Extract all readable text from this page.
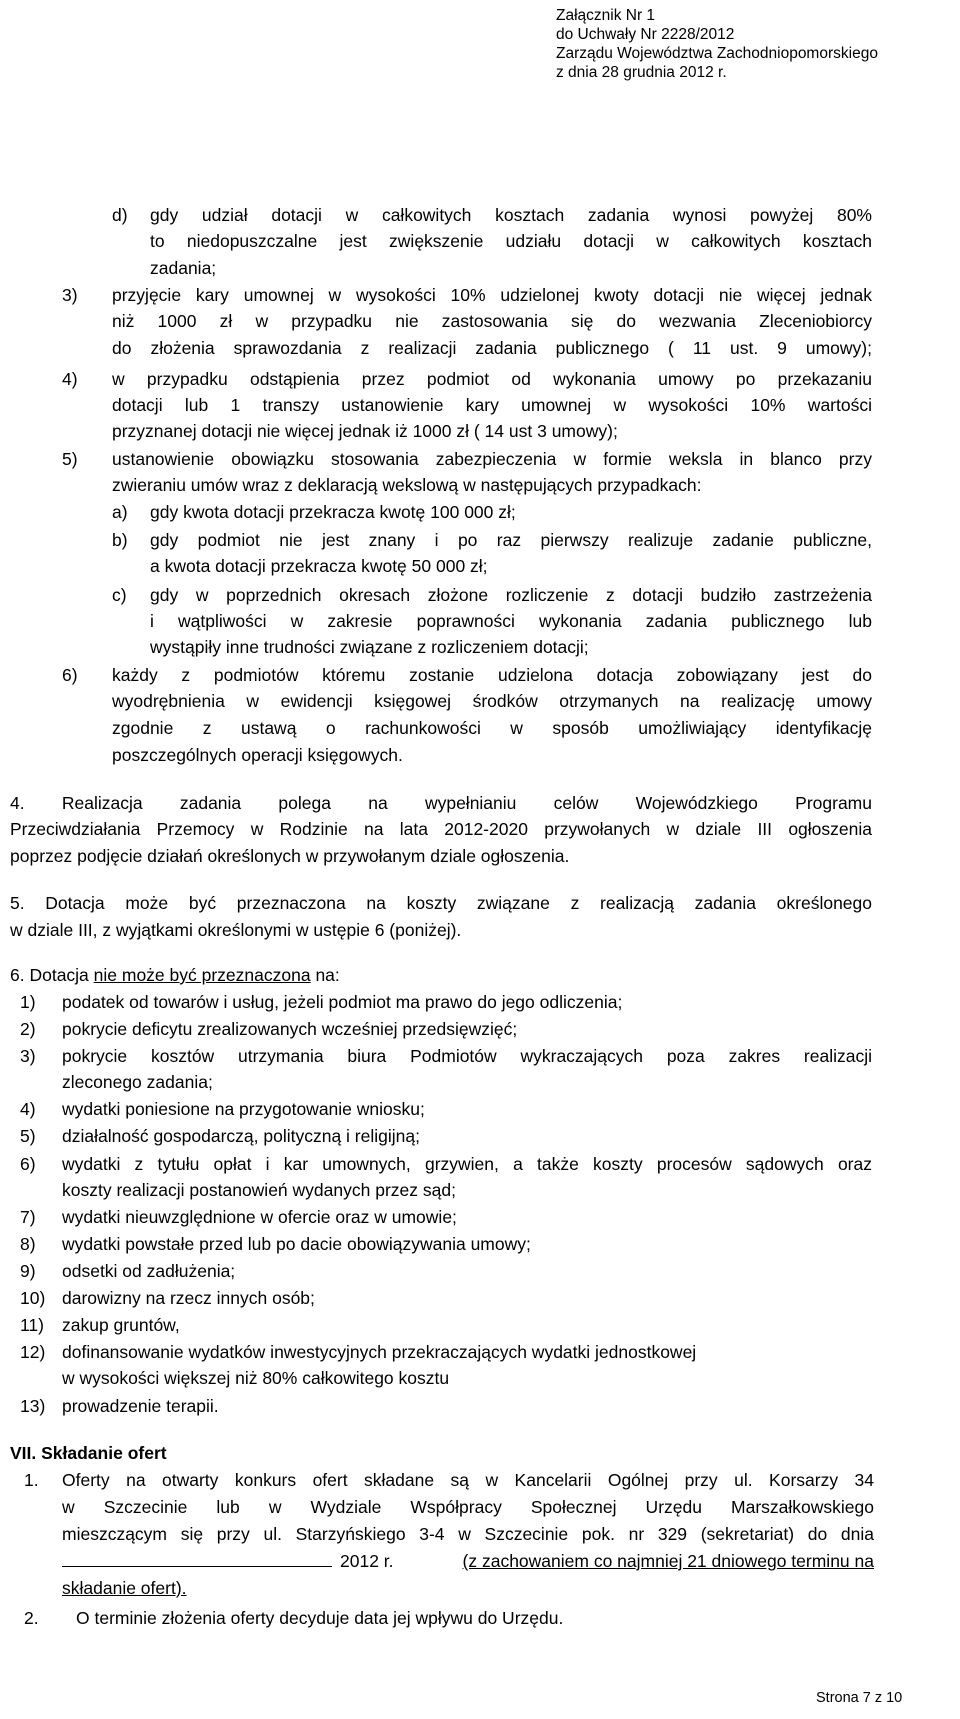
Załącznik Nr 1
do Uchwały Nr 2228/2012
Zarządu Województwa Zachodniopomorskiego
z dnia 28 grudnia 2012 r.
d) gdy udział dotacji w całkowitych kosztach zadania wynosi powyżej 80%
to niedopuszczalne jest zwiększenie udziału dotacji w całkowitych kosztach
zadania;
3) przyjęcie kary umownej w wysokości 10% udzielonej kwoty dotacji nie więcej jednak
niż 1000 zł w przypadku nie zastosowania się do wezwania Zleceniobiorcy
do złożenia sprawozdania z realizacji zadania publicznego ( 11 ust. 9 umowy);
4) w przypadku odstąpienia przez podmiot od wykonania umowy po przekazaniu
dotacji lub 1 transzy ustanowienie kary umownej w wysokości 10% wartości
przyznanej dotacji nie więcej jednak iż 1000 zł ( 14 ust 3 umowy);
5) ustanowienie obowiązku stosowania zabezpieczenia w formie weksla in blanco przy
zwieraniu umów wraz z deklaracją wekslową w następujących przypadkach:
a) gdy kwota dotacji przekracza kwotę 100 000 zł;
b) gdy podmiot nie jest znany i po raz pierwszy realizuje zadanie publiczne,
a kwota dotacji przekracza kwotę 50 000 zł;
c) gdy w poprzednich okresach złożone rozliczenie z dotacji budziło zastrzeżenia
i wątpliwości w zakresie poprawności wykonania zadania publicznego lub
wystąpiły inne trudności związane z rozliczeniem dotacji;
6) każdy z podmiotów któremu zostanie udzielona dotacja zobowiązany jest do
wyodrębnienia w ewidencji księgowej środków otrzymanych na realizację umowy
zgodnie z ustawą o rachunkowości w sposób umożliwiający identyfikację
poszczególnych operacji księgowych.
4. Realizacja zadania polega na wypełnianiu celów Wojewódzkiego Programu
Przeciwdziałania Przemocy w Rodzinie na lata 2012-2020 przywołanych w dziale III ogłoszenia
poprzez podjęcie działań określonych w przywołanym dziale ogłoszenia.
5. Dotacja może być przeznaczona na koszty związane z realizacją zadania określonego
w dziale III, z wyjątkami określonymi w ustępie 6 (poniżej).
6. Dotacja nie może być przeznaczona na:
1) podatek od towarów i usług, jeżeli podmiot ma prawo do jego odliczenia;
2) pokrycie deficytu zrealizowanych wcześniej przedsięwzięć;
3) pokrycie kosztów utrzymania biura Podmiotów wykraczających poza zakres realizacji
zleconego zadania;
4) wydatki poniesione na przygotowanie wniosku;
5) działalność gospodarczą, polityczną i religijną;
6) wydatki z tytułu opłat i kar umownych, grzywien, a także koszty procesów sądowych oraz
koszty realizacji postanowień wydanych przez sąd;
7) wydatki nieuwzględnione w ofercie oraz w umowie;
8) wydatki powstałe przed lub po dacie obowiązywania umowy;
9) odsetki od zadłużenia;
10) darowizny na rzecz innych osób;
11) zakup gruntów,
12) dofinansowanie wydatków inwestycyjnych przekraczających wydatki jednostkowej
w wysokości większej niż 80% całkowitego kosztu
13) prowadzenie terapii.
VII. Składanie ofert
1. Oferty na otwarty konkurs ofert składane są w Kancelarii Ogólnej przy ul. Korsarzy 34
w Szczecinie lub w Wydziale Współpracy Społecznej Urzędu Marszałkowskiego
mieszczącym się przy ul. Starzyńskiego 3-4 w Szczecinie pok. nr 329 (sekretariat) do dnia
2012 r.	(z zachowaniem co najmniej 21 dniowego terminu na
składanie ofert).
2. O terminie złożenia oferty decyduje data jej wpływu do Urzędu.
Strona 7 z 10
